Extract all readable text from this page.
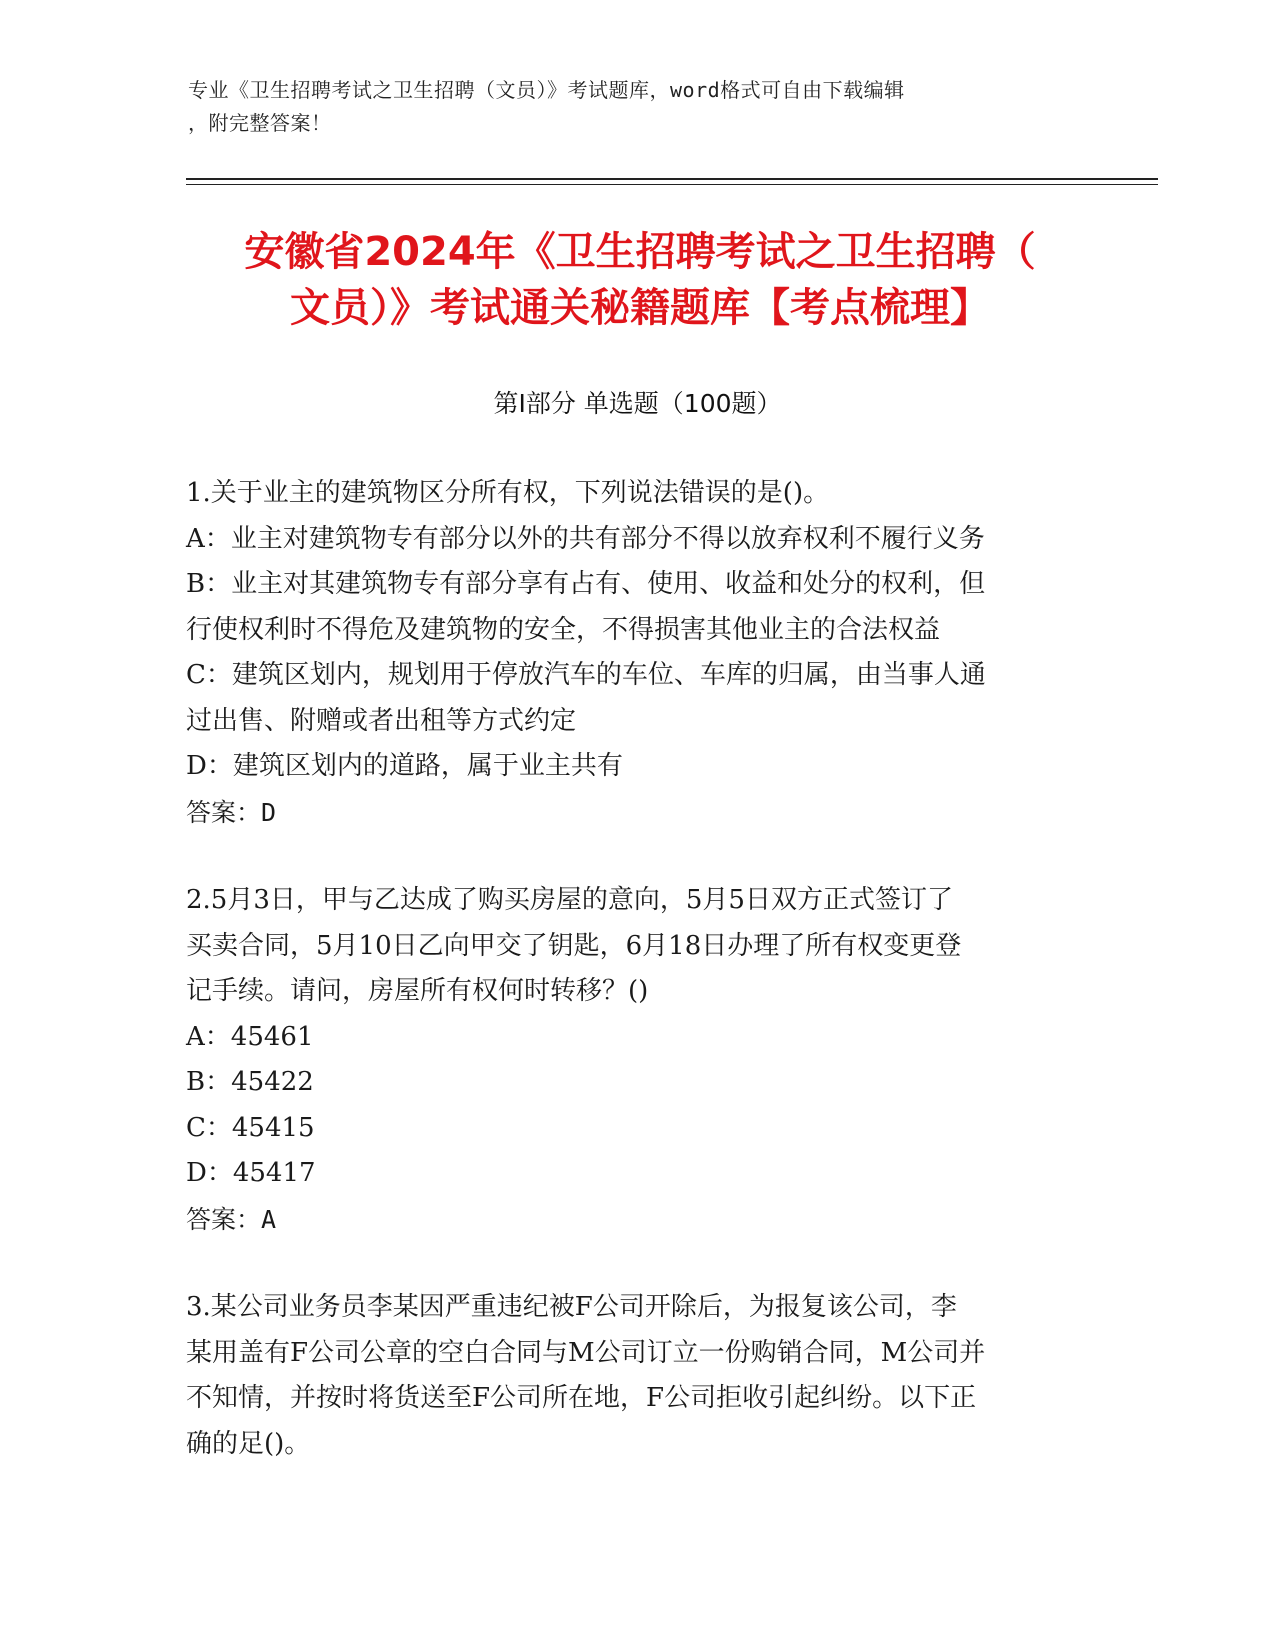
专业《卫生招聘考试之卫生招聘（文员）》考试题库，word格式可自由下载编辑
，附完整答案！
安徽省2024年《卫生招聘考试之卫生招聘（
文员）》考试通关秘籍题库【考点梳理】
第Ⅰ部分 单选题（100题）
1.关于业主的建筑物区分所有权，下列说法错误的是()。
A：业主对建筑物专有部分以外的共有部分不得以放弃权利不履行义务
B：业主对其建筑物专有部分享有占有、使用、收益和处分的权利，但
行使权利时不得危及建筑物的安全，不得损害其他业主的合法权益
C：建筑区划内，规划用于停放汽车的车位、车库的归属，由当事人通
过出售、附赠或者出租等方式约定
D：建筑区划内的道路，属于业主共有
答案：D
2.5月3日，甲与乙达成了购买房屋的意向，5月5日双方正式签订了
买卖合同，5月10日乙向甲交了钥匙，6月18日办理了所有权变更登
记手续。请问，房屋所有权何时转移？()
A：45461
B：45422
C：45415
D：45417
答案：A
3.某公司业务员李某因严重违纪被F公司开除后，为报复该公司，李
某用盖有F公司公章的空白合同与M公司订立一份购销合同，M公司并
不知情，并按时将货送至F公司所在地，F公司拒收引起纠纷。以下正
确的足()。
